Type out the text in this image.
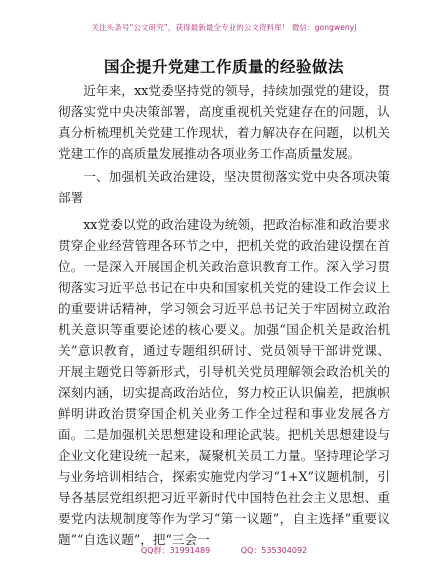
关注头条号“公文研究”，获得最新最全专业的公文资料库！ 微信：gongwenyj
国企提升党建工作质量的经验做法

近年来，xx党委坚持党的领导，持续加强党的建设，贯彻落实党中央决策部署，高度重视机关党建存在的问题，认真分析梳理机关党建工作现状，着力解决存在问题，以机关党建工作的高质量发展推动各项业务工作高质量发展。

一、加强机关政治建设，坚决贯彻落实党中央各项决策部署

xx党委以党的政治建设为统领，把政治标准和政治要求贯穿企业经营管理各环节之中，把机关党的政治建设摆在首位。一是深入开展国企机关政治意识教育工作。深入学习贯彻落实习近平总书记在中央和国家机关党的建设工作会议上的重要讲话精神，学习领会习近平总书记关于牢固树立政治机关意识等重要论述的核心要义。加强“国企机关是政治机关”意识教育，通过专题组织研讨、党员领导干部讲党课、开展主题党日等新形式，引导机关党员理解领会政治机关的深刻内涵，切实提高政治站位，努力校正认识偏差，把旗帜鲜明讲政治贯穿国企机关业务工作全过程和事业发展各方面。二是加强机关思想建设和理论武装。把机关思想建设与企业文化建设统一起来，凝聚机关员工力量。坚持理论学习与业务培训相结合，探索实施党内学习“1+X”议题机制，引导各基层党组织把习近平新时代中国特色社会主义思想、重要党内法规制度等作为学习“第一议题”，自主选择“重要议题”“自选议题”，把“三会一

QQ群：31991489	QQ：535304092
